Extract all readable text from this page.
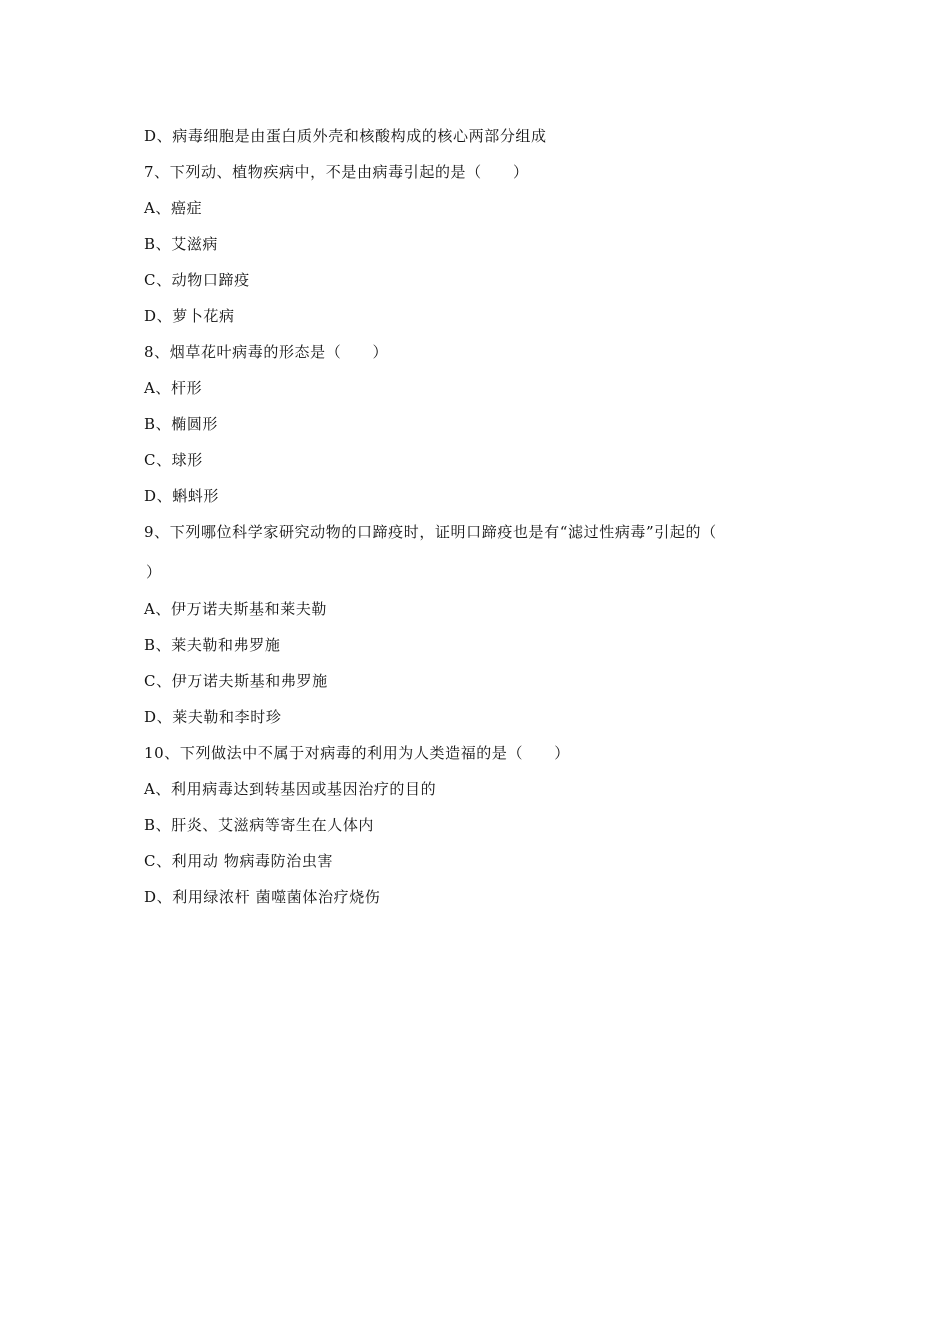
D、病毒细胞是由蛋白质外壳和核酸构成的核心两部分组成
7、下列动、植物疾病中，不是由病毒引起的是（　　）
A、癌症
B、艾滋病
C、动物口蹄疫
D、萝卜花病
8、烟草花叶病毒的形态是（　　）
A、杆形
B、椭圆形
C、球形
D、蝌蚪形
9、下列哪位科学家研究动物的口蹄疫时，证明口蹄疫也是有“滤过性病毒”引起的（
）
A、伊万诺夫斯基和莱夫勒
B、莱夫勒和弗罗施
C、伊万诺夫斯基和弗罗施
D、莱夫勒和李时珍
10、下列做法中不属于对病毒的利用为人类造福的是（　　）
A、利用病毒达到转基因或基因治疗的目的
B、肝炎、艾滋病等寄生在人体内
C、利用动 物病毒防治虫害
D、利用绿浓杆 菌噬菌体治疗烧伤
